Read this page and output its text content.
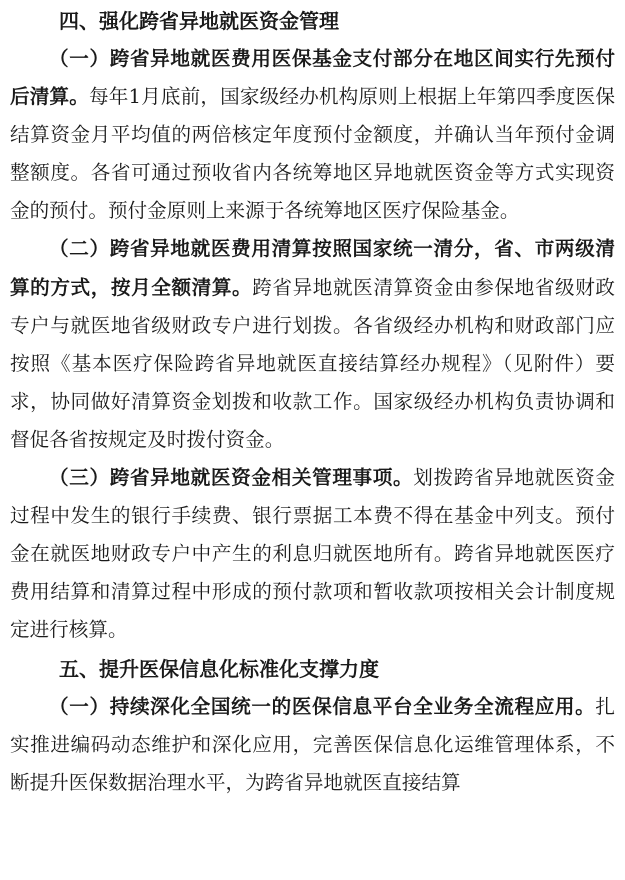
四、强化跨省异地就医资金管理

（一）跨省异地就医费用医保基金支付部分在地区间实行先预付后清算。每年1月底前，国家级经办机构原则上根据上年第四季度医保结算资金月平均值的两倍核定年度预付金额度，并确认当年预付金调整额度。各省可通过预收省内各统筹地区异地就医资金等方式实现资金的预付。预付金原则上来源于各统筹地区医疗保险基金。

（二）跨省异地就医费用清算按照国家统一清分，省、市两级清算的方式，按月全额清算。跨省异地就医清算资金由参保地省级财政专户与就医地省级财政专户进行划拨。各省级经办机构和财政部门应按照《基本医疗保险跨省异地就医直接结算经办规程》（见附件）要求，协同做好清算资金划拨和收款工作。国家级经办机构负责协调和督促各省按规定及时拨付资金。

（三）跨省异地就医资金相关管理事项。划拨跨省异地就医资金过程中发生的银行手续费、银行票据工本费不得在基金中列支。预付金在就医地财政专户中产生的利息归就医地所有。跨省异地就医医疗费用结算和清算过程中形成的预付款项和暂收款项按相关会计制度规定进行核算。

五、提升医保信息化标准化支撑力度

（一）持续深化全国统一的医保信息平台全业务全流程应用。扎实推进编码动态维护和深化应用，完善医保信息化运维管理体系，不断提升医保数据治理水平，为跨省异地就医直接结算
